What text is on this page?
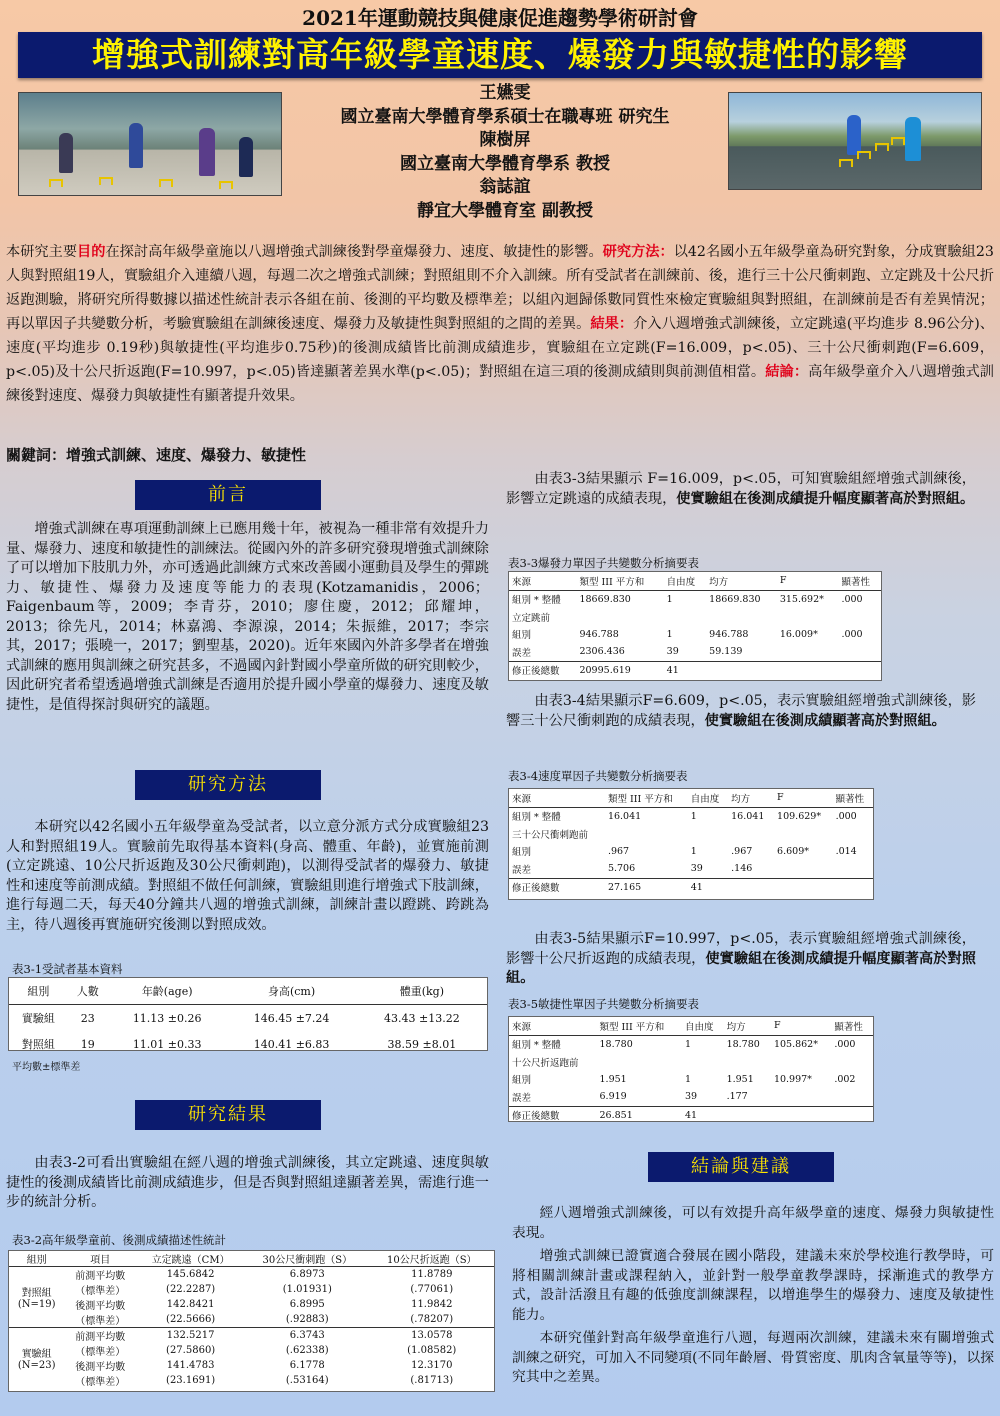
2021年運動競技與健康促進趨勢學術研討會
增強式訓練對高年級學童速度、爆發力與敏捷性的影響
王嬿雯
國立臺南大學體育學系碩士在職專班 研究生
陳樹屏
國立臺南大學體育學系 教授
翁誌誼
靜宜大學體育室 副教授
本研究主要目的在探討高年級學童施以八週增強式訓練後對學童爆發力、速度、敏捷性的影響。研究方法：以42名國小五年級學童為研究對象，分成實驗組23人與對照組19人，實驗組介入連續八週，每週二次之增強式訓練；對照組則不介入訓練。所有受試者在訓練前、後，進行三十公尺衝刺跑、立定跳及十公尺折返跑測驗，將研究所得數據以描述性統計表示各組在前、後測的平均數及標準差；以組內迴歸係數同質性來檢定實驗組與對照組，在訓練前是否有差異情況；再以單因子共變數分析，考驗實驗組在訓練後速度、爆發力及敏捷性與對照組的之間的差異。結果：介入八週增強式訓練後，立定跳遠(平均進步 8.96公分)、速度(平均進步 0.19秒)與敏捷性(平均進步0.75秒)的後測成績皆比前測成績進步，實驗組在立定跳(F=16.009，p<.05)、三十公尺衝刺跑(F=6.609，p<.05)及十公尺折返跑(F=10.997，p<.05)皆達顯著差異水準(p<.05)；對照組在這三項的後測成績則與前測值相當。結論：高年級學童介入八週增強式訓練後對速度、爆發力與敏捷性有顯著提升效果。
關鍵詞：增強式訓練、速度、爆發力、敏捷性
前言

增強式訓練在專項運動訓練上已應用幾十年，被視為一種非常有效提升力量、爆發力、速度和敏捷性的訓練法。從國內外的許多研究發現增強式訓練除了可以增加下肢肌力外，亦可透過此訓練方式來改善國小運動員及學生的彈跳力、敏捷性、爆發力及速度等能力的表現(Kotzamanidis，2006；Faigenbaum等，2009；李青芬，2010；廖住慶，2012；邱耀坤，2013；徐先凡，2014；林嘉鴻、李源湶，2014；朱振維，2017；李宗其，2017；張曉一，2017；劉聖基，2020)。近年來國內外許多學者在增強式訓練的應用與訓練之研究甚多，不過國內針對國小學童所做的研究則較少，因此研究者希望透過增強式訓練是否適用於提升國小學童的爆發力、速度及敏捷性，是值得探討與研究的議題。

研究方法

本研究以42名國小五年級學童為受試者，以立意分派方式分成實驗組23人和對照組19人。實驗前先取得基本資料(身高、體重、年齡)，並實施前測(立定跳遠、10公尺折返跑及30公尺衝刺跑)，以測得受試者的爆發力、敏捷性和速度等前測成績。對照組不做任何訓練，實驗組則進行增強式下肢訓練，進行每週二天，每天40分鐘共八週的增強式訓練，訓練計畫以蹬跳、跨跳為主，待八週後再實施研究後測以對照成效。

表3-1受試者基本資料
組別	人數	年齡(age)	身高(cm)	體重(kg)
實驗組	23	11.13 ±0.26	146.45 ±7.24	43.43 ±13.22
對照組	19	11.01 ±0.33	140.41 ±6.83	38.59 ±8.01
平均數±標準差
研究結果

由表3-2可看出實驗組在經八週的增強式訓練後，其立定跳遠、速度與敏捷性的後測成績皆比前測成績進步，但是否與對照組達顯著差異，需進行進一步的統計分析。

表3-2高年級學童前、後測成績描述性統計
組別	項目	立定跳遠（CM）	30公尺衝刺跑（S）	10公尺折返跑（S）
對照組
(N=19)	前測平均數	145.6842	6.8973	11.8789
	（標準差）	(22.2287)	(1.01931)	(.77061)
	後測平均數	142.8421	6.8995	11.9842
	（標準差）	(22.5666)	(.92883)	(.78207)
實驗組
(N=23)	前測平均數	132.5217	6.3743	13.0578
	（標準差）	(27.5860)	(.62338)	(1.08582)
	後測平均數	141.4783	6.1778	12.3170
	（標準差）	(23.1691)	(.53164)	(.81713)

由表3-3結果顯示 F=16.009，p<.05，可知實驗組經增強式訓練後，影響立定跳遠的成績表現，使實驗組在後測成績提升幅度顯著高於對照組。

表3-3爆發力單因子共變數分析摘要表
來源	類型 III 平方和	自由度	均方	F	顯著性
組別 * 整體	18669.830	1	18669.830	315.692*	.000
立定跳前					
組別	946.788	1	946.788	16.009*	.000
誤差	2306.436	39	59.139		
修正後總數	20995.619	41			

由表3-4結果顯示F=6.609，p<.05，表示實驗組經增強式訓練後，影響三十公尺衝刺跑的成績表現，使實驗組在後測成績顯著高於對照組。

表3-4速度單因子共變數分析摘要表
來源	類型 III 平方和	自由度	均方	F	顯著性
組別 * 整體	16.041	1	16.041	109.629*	.000
三十公尺衝刺跑前					
組別	.967	1	.967	6.609*	.014
誤差	5.706	39	.146		
修正後總數	27.165	41			

由表3-5結果顯示F=10.997，p<.05，表示實驗組經增強式訓練後，影響十公尺折返跑的成績表現，使實驗組在後測成績提升幅度顯著高於對照組。

表3-5敏捷性單因子共變數分析摘要表
來源	類型 III 平方和	自由度	均方	F	顯著性
組別 * 整體	18.780	1	18.780	105.862*	.000
十公尺折返跑前					
組別	1.951	1	1.951	10.997*	.002
誤差	6.919	39	.177		
修正後總數	26.851	41			
結論與建議

經八週增強式訓練後，可以有效提升高年級學童的速度、爆發力與敏捷性表現。

增強式訓練已證實適合發展在國小階段，建議未來於學校進行教學時，可將相關訓練計畫或課程納入，並針對一般學童教學課時，採漸進式的教學方式，設計活潑且有趣的低強度訓練課程，以增進學生的爆發力、速度及敏捷性能力。

本研究僅針對高年級學童進行八週，每週兩次訓練，建議未來有關增強式訓練之研究，可加入不同變項(不同年齡層、骨質密度、肌肉含氧量等等)，以探究其中之差異。
